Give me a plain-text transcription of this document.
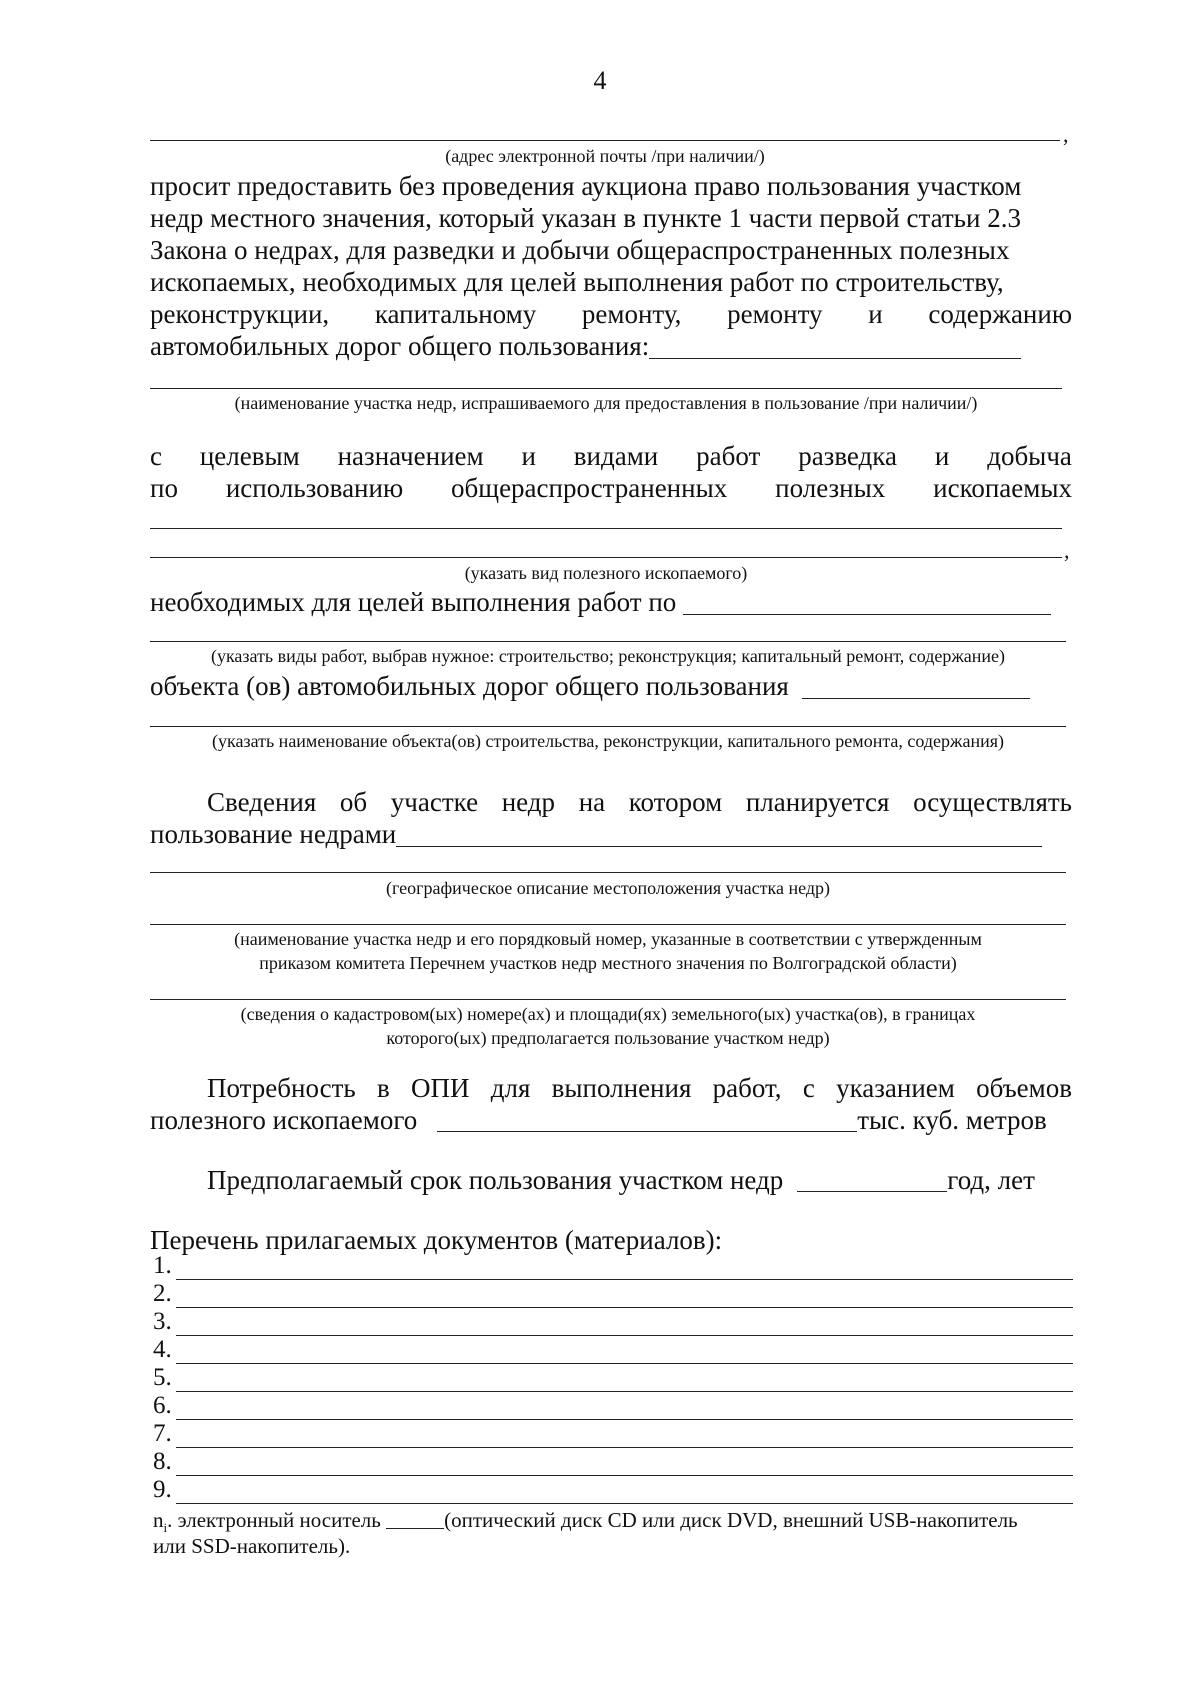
4
,
(адрес электронной почты /при наличии/)
просит предоставить без проведения аукциона право пользования участком
недр местного значения, который указан в пункте 1 части первой статьи 2.3
Закона о недрах, для разведки и добычи общераспространенных полезных
ископаемых, необходимых для целей выполнения работ по строительству,
реконструкции, капитальному ремонту, ремонту и содержанию
автомобильных дорог общего пользования:
(наименование участка недр, испрашиваемого для предоставления в пользование /при наличии/)
с целевым назначением и видами работ разведка и добыча
по использованию общераспространенных полезных ископаемых
,
(указать вид полезного ископаемого)
необходимых для целей выполнения работ по
(указать виды работ, выбрав нужное: строительство; реконструкция; капитальный ремонт, содержание)
объекта (ов) автомобильных дорог общего пользования
(указать наименование объекта(ов) строительства, реконструкции, капитального ремонта, содержания)
Сведения об участке недр на котором планируется осуществлять
пользование недрами
(географическое описание местоположения участка недр)
(наименование участка недр и его порядковый номер, указанные в соответствии с утвержденным
приказом комитета Перечнем участков недр местного значения по Волгоградской области)
(сведения о кадастровом(ых) номере(ах) и площади(ях) земельного(ых) участка(ов), в границах
которого(ых) предполагается пользование участком недр)
Потребность в ОПИ для выполнения работ, с указанием объемов
полезного ископаемого	тыс. куб. метров
Предполагаемый срок пользования участком недр	год, лет
Перечень прилагаемых документов (материалов):
1.
2.
3.
4.
5.
6.
7.
8.
9.
$n_i$. электронный носитель	(оптический диск CD или диск DVD, внешний USB-накопитель
или SSD-накопитель).
